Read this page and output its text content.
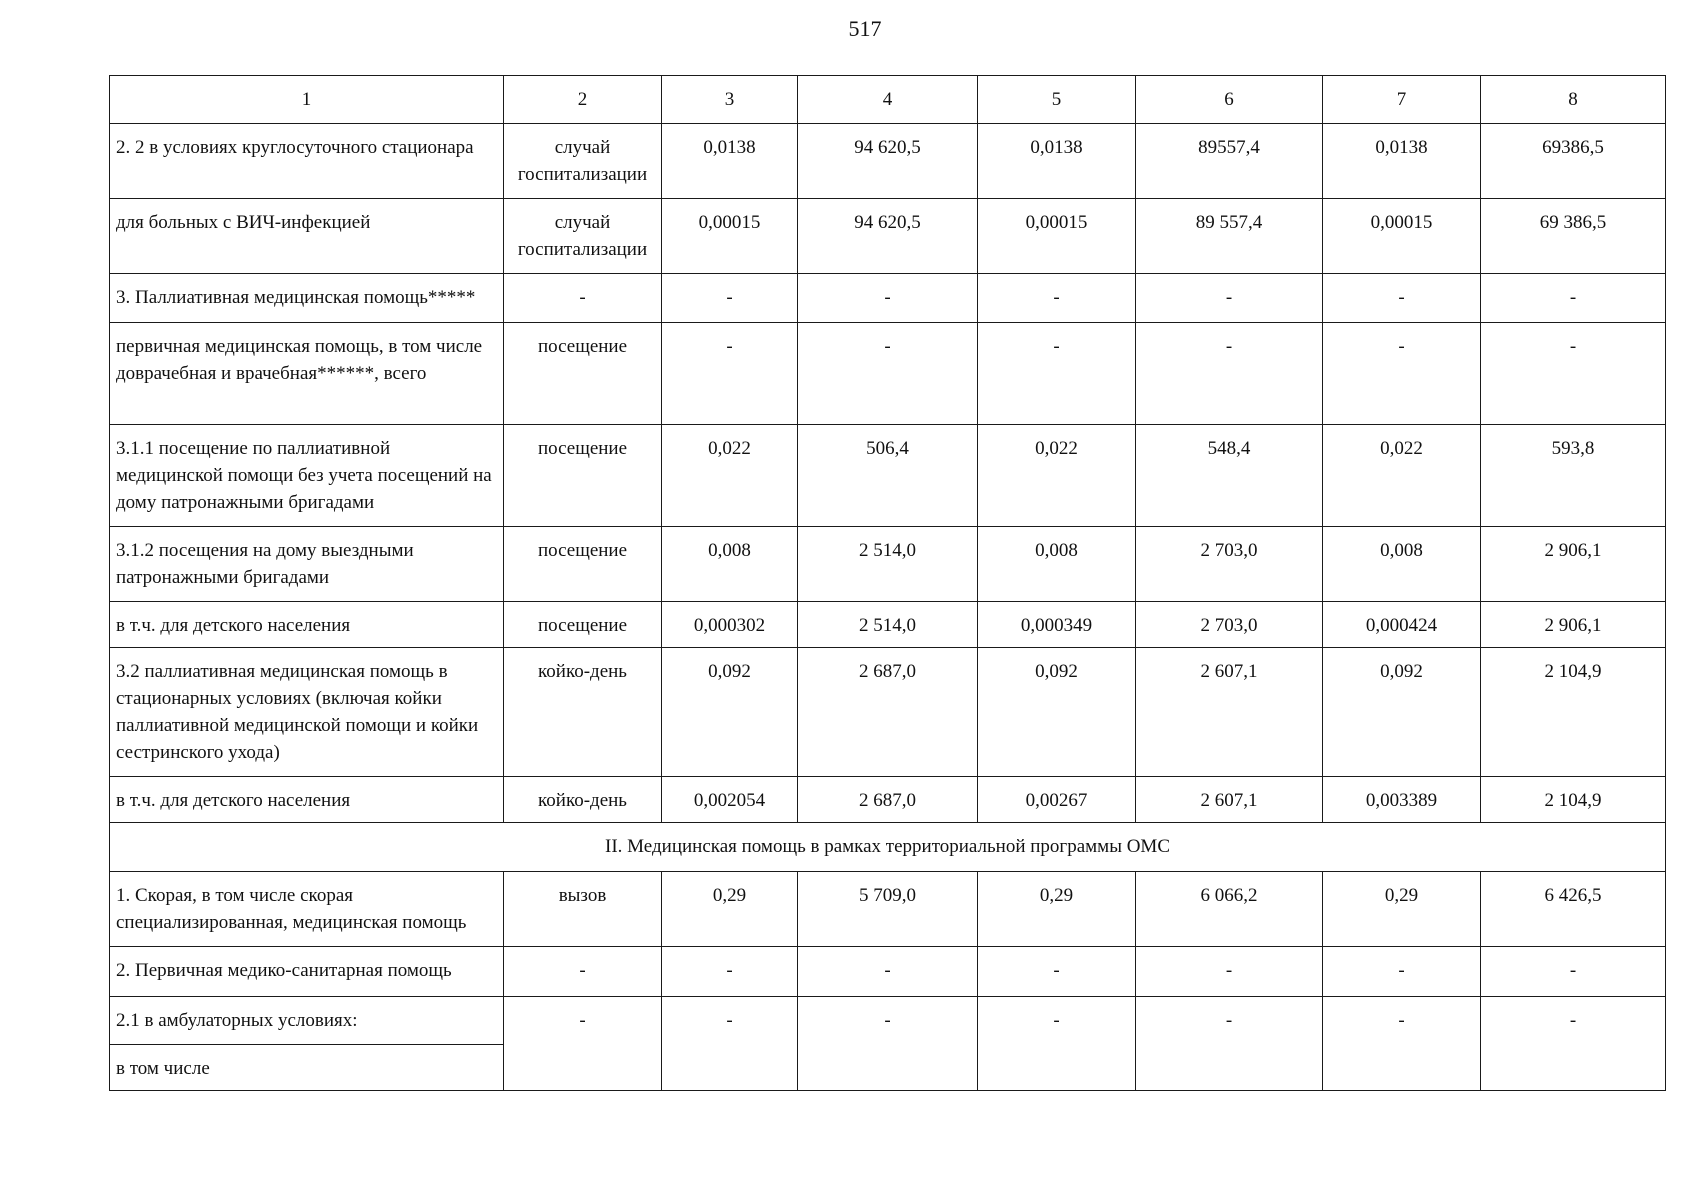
517
1	2	3	4	5	6	7	8
2. 2 в условиях круглосуточного стационара	случай госпитализации	0,0138	94 620,5	0,0138	89557,4	0,0138	69386,5
для больных с ВИЧ-инфекцией	случай госпитализации	0,00015	94 620,5	0,00015	89 557,4	0,00015	69 386,5
3. Паллиативная медицинская помощь*****	-	-	-	-	-	-	-
первичная медицинская помощь, в том числе доврачебная и врачебная******, всего	посещение	-	-	-	-	-	-
3.1.1 посещение по паллиативной медицинской помощи без учета посещений на дому патронажными бригадами	посещение	0,022	506,4	0,022	548,4	0,022	593,8
3.1.2 посещения на дому выездными патронажными бригадами	посещение	0,008	2 514,0	0,008	2 703,0	0,008	2 906,1
в т.ч. для детского населения	посещение	0,000302	2 514,0	0,000349	2 703,0	0,000424	2 906,1
3.2 паллиативная медицинская помощь в стационарных условиях (включая койки паллиативной медицинской помощи и койки сестринского ухода)	койко-день	0,092	2 687,0	0,092	2 607,1	0,092	2 104,9
в т.ч. для детского населения	койко-день	0,002054	2 687,0	0,00267	2 607,1	0,003389	2 104,9
II. Медицинская помощь в рамках территориальной программы ОМС							
1. Скорая, в том числе скорая специализированная, медицинская помощь	вызов	0,29	5 709,0	0,29	6 066,2	0,29	6 426,5
2. Первичная медико-санитарная помощь	-	-	-	-	-	-	-
2.1 в амбулаторных условиях:	-	-	-	-	-	-	-
в том числе							
